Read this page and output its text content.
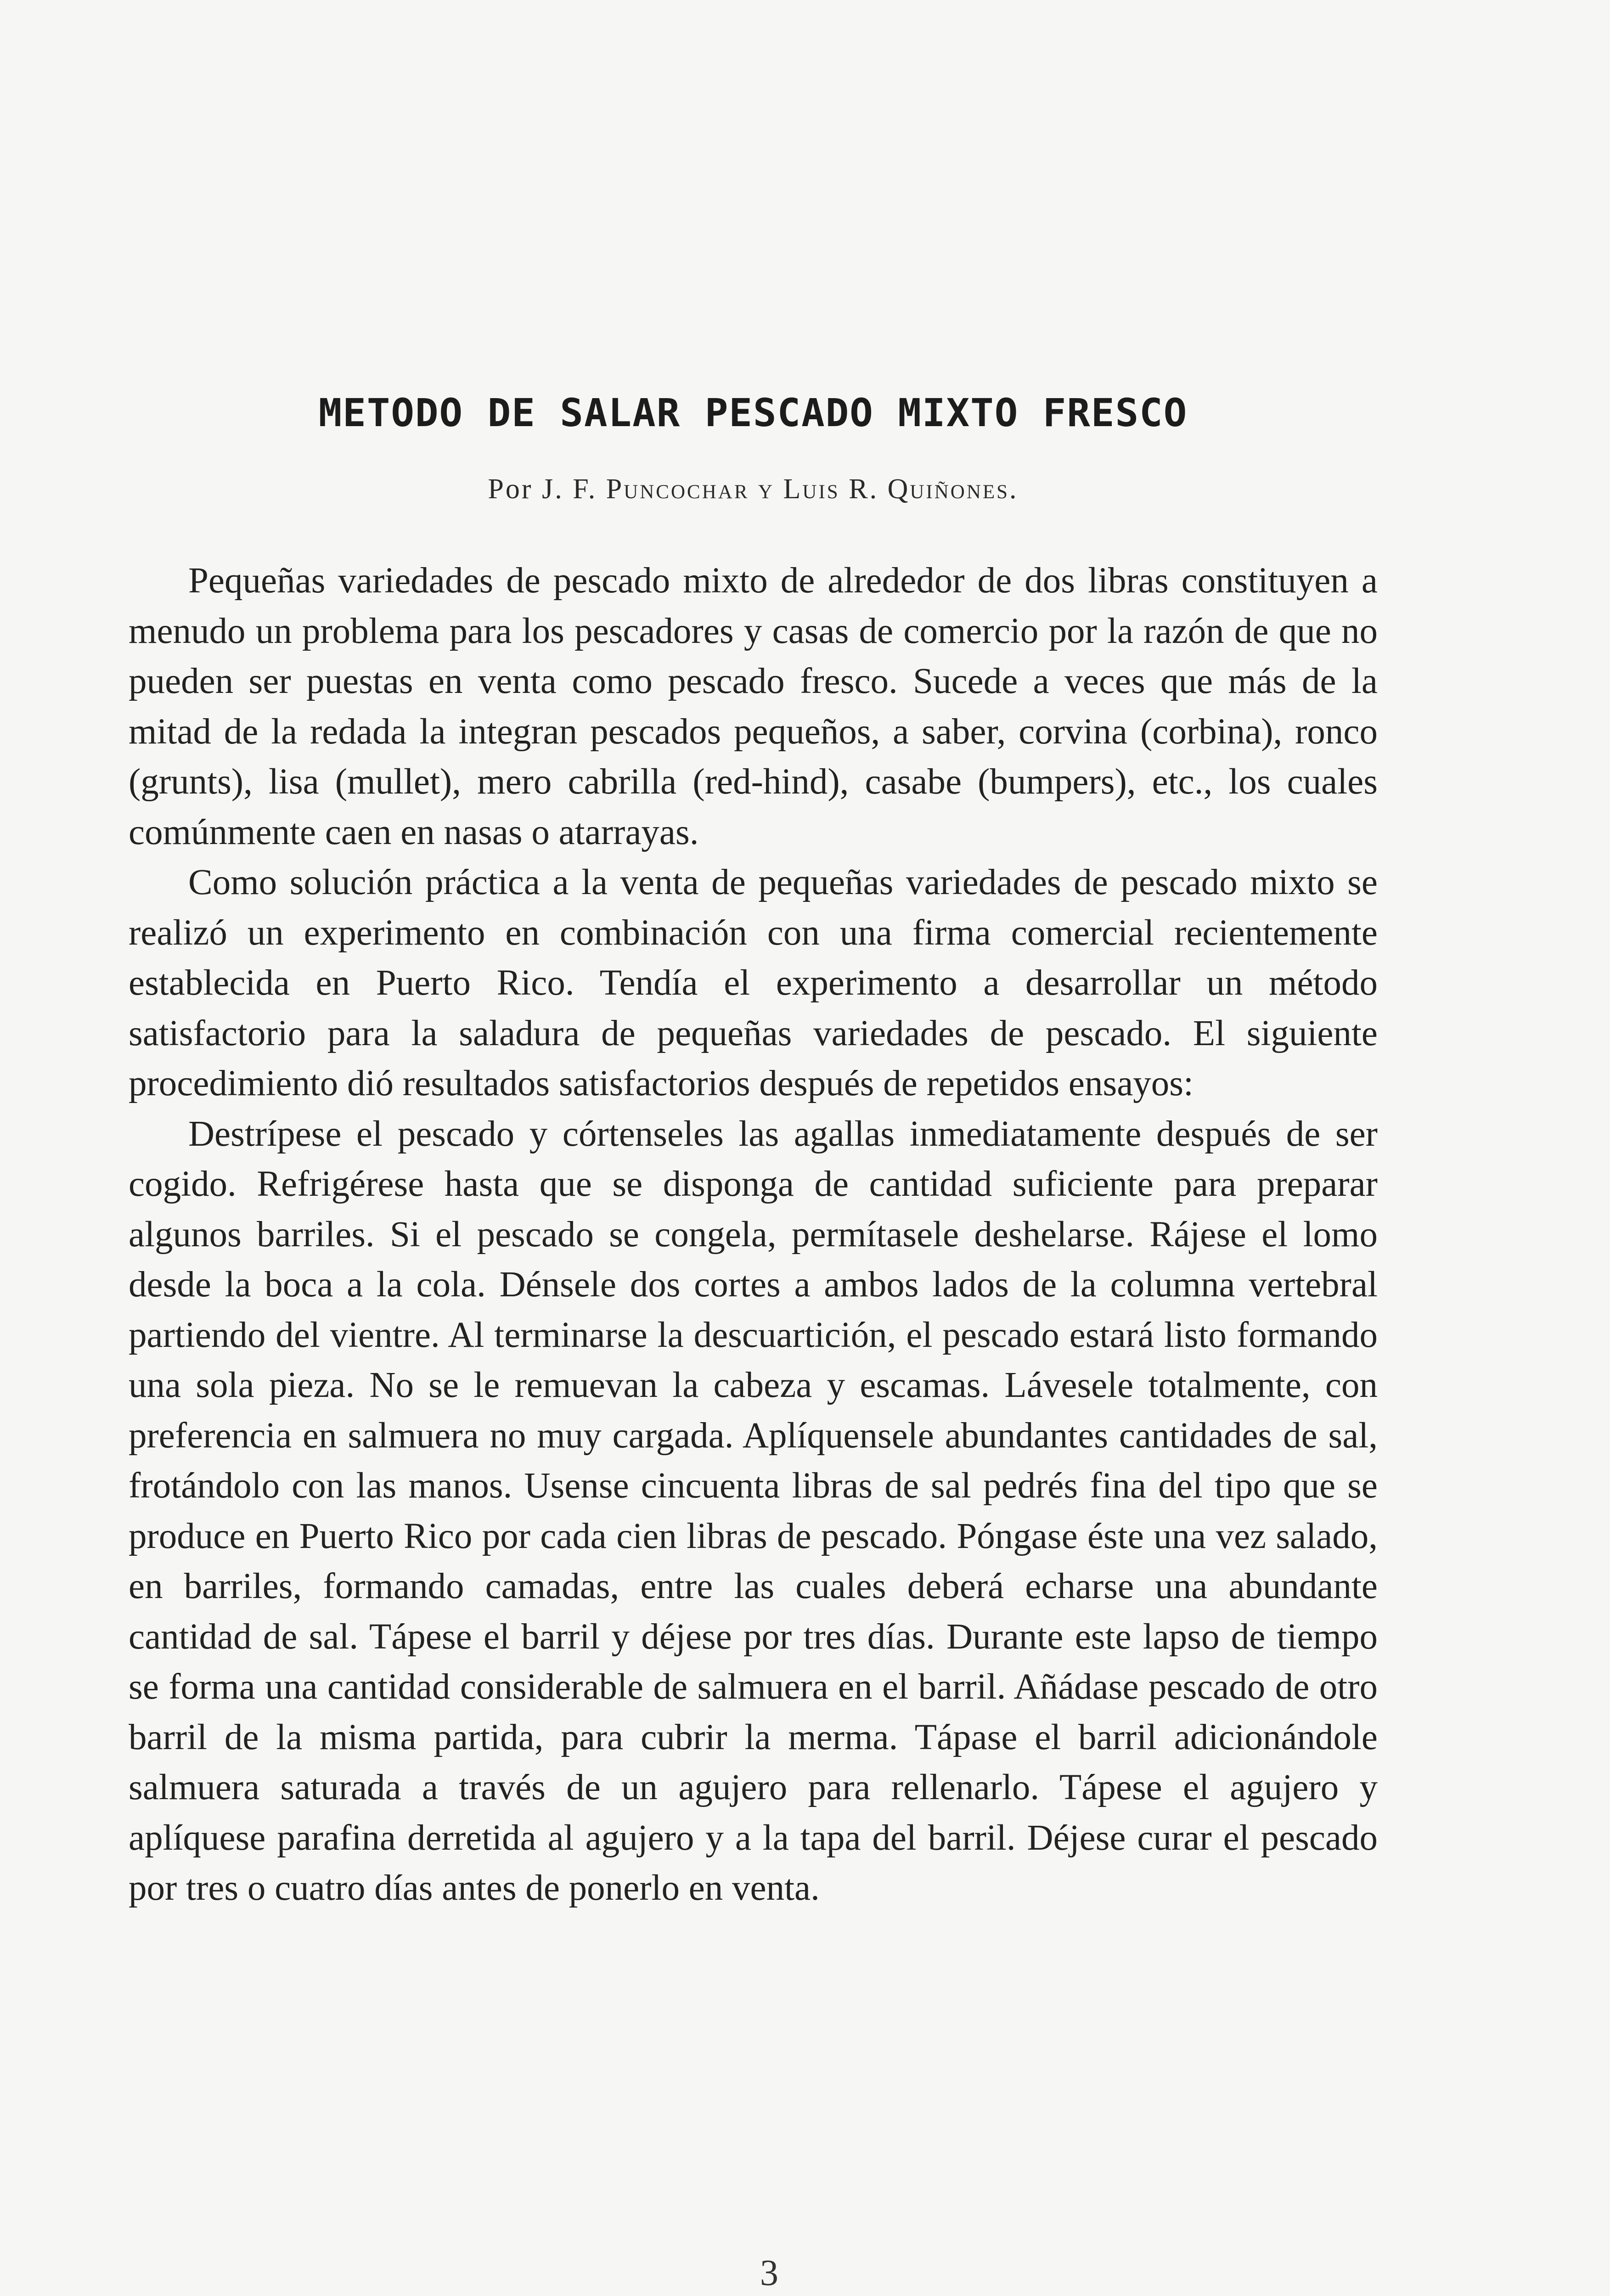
METODO DE SALAR PESCADO MIXTO FRESCO
Por J. F. Puncochar y Luis R. Quiñones.

Pequeñas variedades de pescado mixto de alrededor de dos libras constituyen a menudo un problema para los pescadores y casas de comercio por la razón de que no pueden ser puestas en venta como pescado fresco. Sucede a veces que más de la mitad de la redada la integran pescados pequeños, a saber, corvina (corbina), ronco (grunts), lisa (mullet), mero cabrilla (red-hind), casabe (bumpers), etc., los cuales comúnmente caen en nasas o atarrayas.

Como solución práctica a la venta de pequeñas variedades de pescado mixto se realizó un experimento en combinación con una firma comercial recientemente establecida en Puerto Rico. Tendía el experimento a desarrollar un método satisfactorio para la saladura de pequeñas variedades de pescado. El siguiente procedimiento dió resultados satisfactorios después de repetidos ensayos:

Destrípese el pescado y córtenseles las agallas inmediatamente después de ser cogido. Refrigérese hasta que se disponga de cantidad suficiente para preparar algunos barriles. Si el pescado se congela, permítasele deshelarse. Rájese el lomo desde la boca a la cola. Dénsele dos cortes a ambos lados de la columna vertebral partiendo del vientre. Al terminarse la descuartición, el pescado estará listo formando una sola pieza. No se le remuevan la cabeza y escamas. Lávesele totalmente, con preferencia en salmuera no muy cargada. Aplíquensele abundantes cantidades de sal, frotándolo con las manos. Usense cincuenta libras de sal pedrés fina del tipo que se produce en Puerto Rico por cada cien libras de pescado. Póngase éste una vez salado, en barriles, formando camadas, entre las cuales deberá echarse una abundante cantidad de sal. Tápese el barril y déjese por tres días. Durante este lapso de tiempo se forma una cantidad considerable de salmuera en el barril. Añádase pescado de otro barril de la misma partida, para cubrir la merma. Tápase el barril adicionándole salmuera saturada a través de un agujero para rellenarlo. Tápese el agujero y aplíquese parafina derretida al agujero y a la tapa del barril. Déjese curar el pescado por tres o cuatro días antes de ponerlo en venta.

3
